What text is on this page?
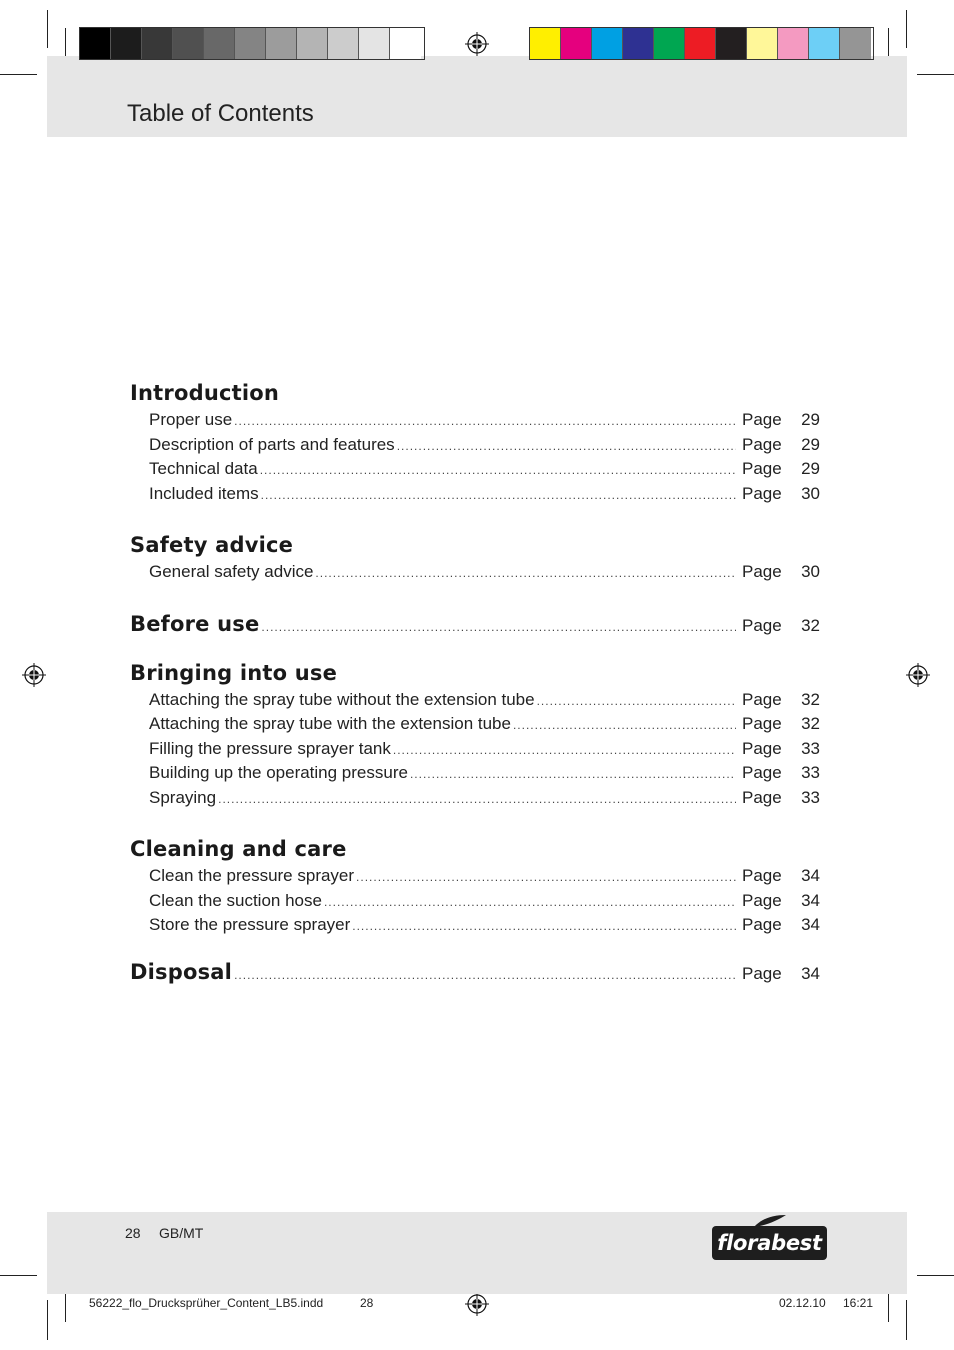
Table of Contents
Introduction
Proper use .....	Page	29
Description of parts and features .....	Page	29
Technical data .....	Page	29
Included items .....	Page	30
Safety advice
General safety advice .....	Page	30
Before use .....	Page	32
Bringing into use
Attaching the spray tube without the extension tube .....	Page	32
Attaching the spray tube with the extension tube .....	Page	32
Filling the pressure sprayer tank .....	Page	33
Building up the operating pressure .....	Page	33
Spraying .....	Page	33
Cleaning and care
Clean the pressure sprayer .....	Page	34
Clean the suction hose .....	Page	34
Store the pressure sprayer .....	Page	34
Disposal .....	Page	34
28 GB/MT	florabest
56222_flo_Drucksprüher_Content_LB5.indd	28	02.12.10 16:21
